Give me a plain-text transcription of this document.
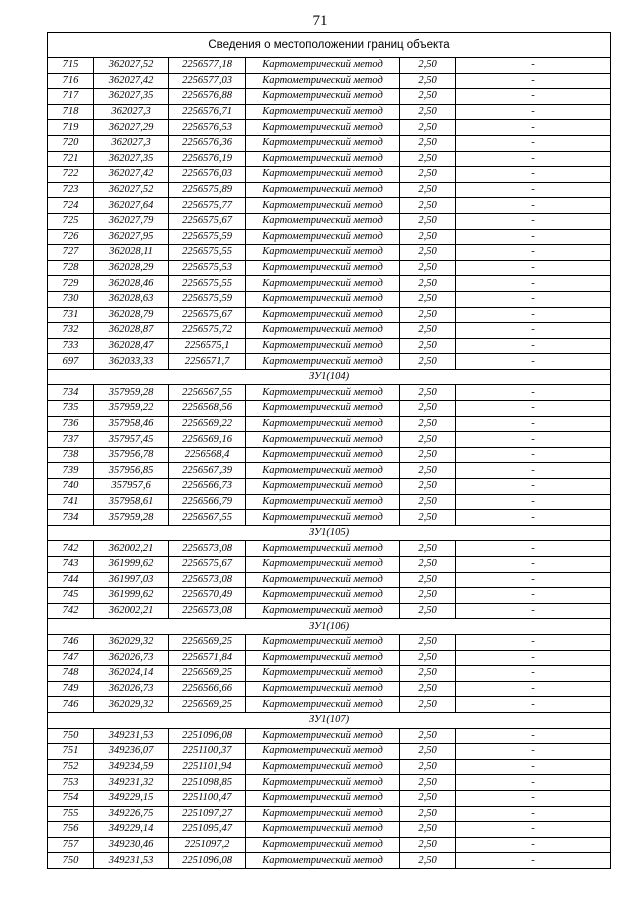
71
Сведения о местоположении границ объекта					
715	362027,52	2256577,18	Картометрический метод	2,50	-
716	362027,42	2256577,03	Картометрический метод	2,50	-
717	362027,35	2256576,88	Картометрический метод	2,50	-
718	362027,3	2256576,71	Картометрический метод	2,50	-
719	362027,29	2256576,53	Картометрический метод	2,50	-
720	362027,3	2256576,36	Картометрический метод	2,50	-
721	362027,35	2256576,19	Картометрический метод	2,50	-
722	362027,42	2256576,03	Картометрический метод	2,50	-
723	362027,52	2256575,89	Картометрический метод	2,50	-
724	362027,64	2256575,77	Картометрический метод	2,50	-
725	362027,79	2256575,67	Картометрический метод	2,50	-
726	362027,95	2256575,59	Картометрический метод	2,50	-
727	362028,11	2256575,55	Картометрический метод	2,50	-
728	362028,29	2256575,53	Картометрический метод	2,50	-
729	362028,46	2256575,55	Картометрический метод	2,50	-
730	362028,63	2256575,59	Картометрический метод	2,50	-
731	362028,79	2256575,67	Картометрический метод	2,50	-
732	362028,87	2256575,72	Картометрический метод	2,50	-
733	362028,47	2256575,1	Картометрический метод	2,50	-
697	362033,33	2256571,7	Картометрический метод	2,50	-
ЗУ1(104)					
734	357959,28	2256567,55	Картометрический метод	2,50	-
735	357959,22	2256568,56	Картометрический метод	2,50	-
736	357958,46	2256569,22	Картометрический метод	2,50	-
737	357957,45	2256569,16	Картометрический метод	2,50	-
738	357956,78	2256568,4	Картометрический метод	2,50	-
739	357956,85	2256567,39	Картометрический метод	2,50	-
740	357957,6	2256566,73	Картометрический метод	2,50	-
741	357958,61	2256566,79	Картометрический метод	2,50	-
734	357959,28	2256567,55	Картометрический метод	2,50	-
ЗУ1(105)					
742	362002,21	2256573,08	Картометрический метод	2,50	-
743	361999,62	2256575,67	Картометрический метод	2,50	-
744	361997,03	2256573,08	Картометрический метод	2,50	-
745	361999,62	2256570,49	Картометрический метод	2,50	-
742	362002,21	2256573,08	Картометрический метод	2,50	-
ЗУ1(106)					
746	362029,32	2256569,25	Картометрический метод	2,50	-
747	362026,73	2256571,84	Картометрический метод	2,50	-
748	362024,14	2256569,25	Картометрический метод	2,50	-
749	362026,73	2256566,66	Картометрический метод	2,50	-
746	362029,32	2256569,25	Картометрический метод	2,50	-
ЗУ1(107)					
750	349231,53	2251096,08	Картометрический метод	2,50	-
751	349236,07	2251100,37	Картометрический метод	2,50	-
752	349234,59	2251101,94	Картометрический метод	2,50	-
753	349231,32	2251098,85	Картометрический метод	2,50	-
754	349229,15	2251100,47	Картометрический метод	2,50	-
755	349226,75	2251097,27	Картометрический метод	2,50	-
756	349229,14	2251095,47	Картометрический метод	2,50	-
757	349230,46	2251097,2	Картометрический метод	2,50	-
750	349231,53	2251096,08	Картометрический метод	2,50	-
